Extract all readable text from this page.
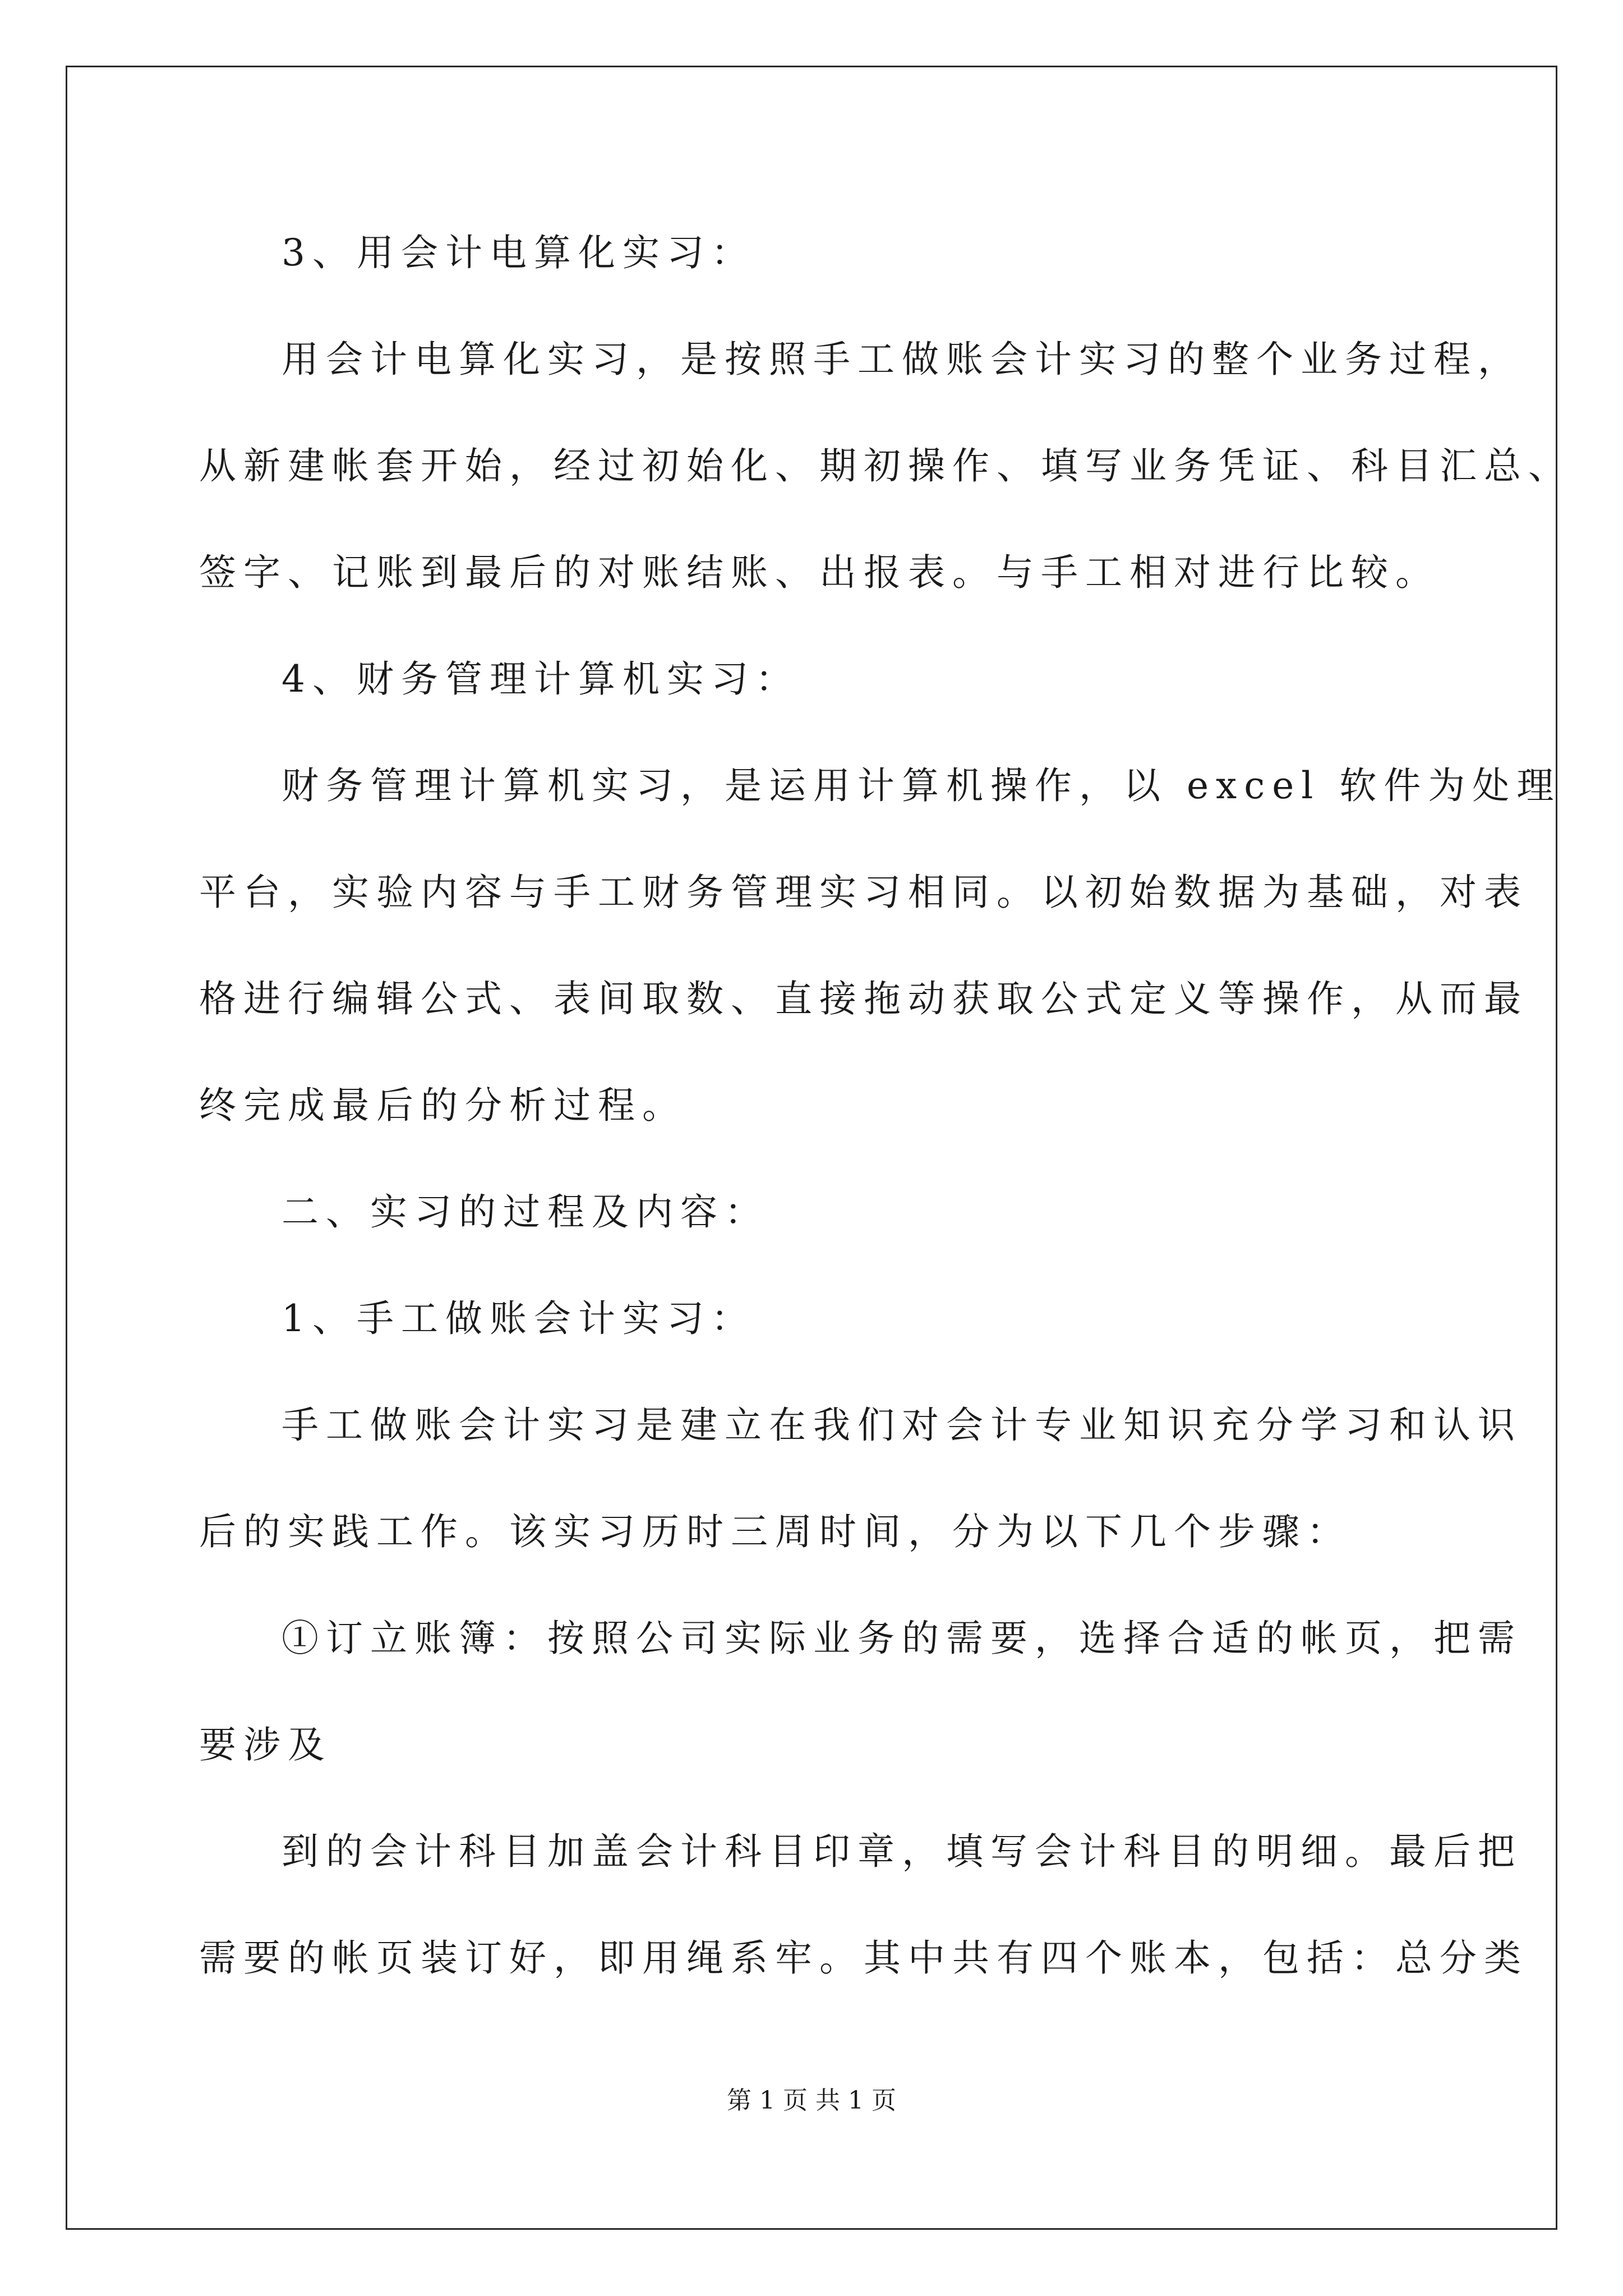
3、用会计电算化实习：
用会计电算化实习，是按照手工做账会计实习的整个业务过程，
从新建帐套开始，经过初始化、期初操作、填写业务凭证、科目汇总、
签字、记账到最后的对账结账、出报表。与手工相对进行比较。
4、财务管理计算机实习：
财务管理计算机实习，是运用计算机操作，以 excel 软件为处理
平台，实验内容与手工财务管理实习相同。以初始数据为基础，对表
格进行编辑公式、表间取数、直接拖动获取公式定义等操作，从而最
终完成最后的分析过程。
二、实习的过程及内容：
1、手工做账会计实习：
手工做账会计实习是建立在我们对会计专业知识充分学习和认识
后的实践工作。该实习历时三周时间，分为以下几个步骤：
①订立账簿：按照公司实际业务的需要，选择合适的帐页，把需
要涉及
到的会计科目加盖会计科目印章，填写会计科目的明细。最后把
需要的帐页装订好，即用绳系牢。其中共有四个账本，包括：总分类
第 1 页 共 1 页
